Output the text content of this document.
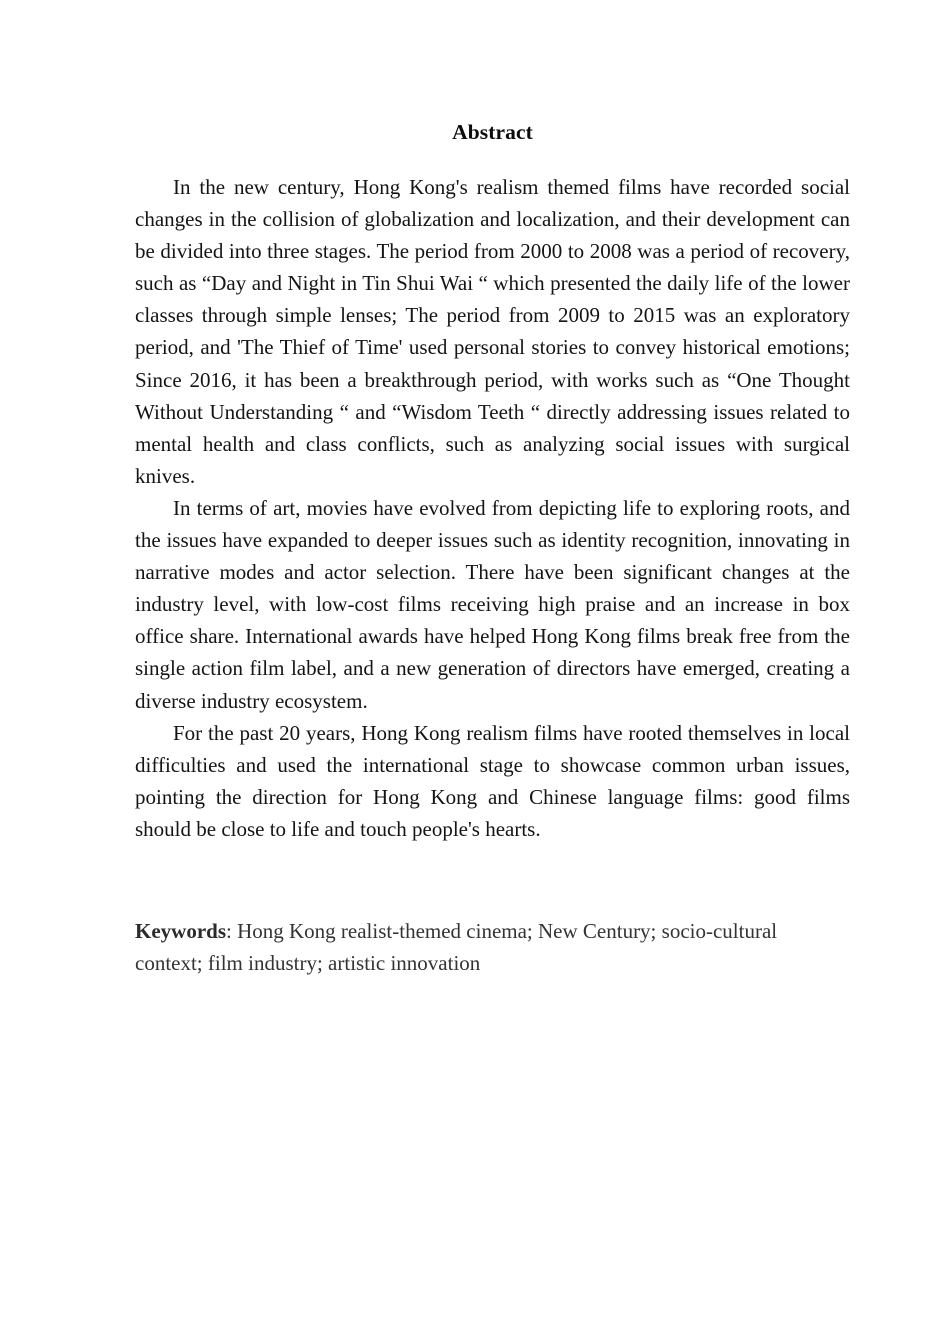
Abstract

In the new century, Hong Kong's realism themed films have recorded social changes in the collision of globalization and localization, and their development can be divided into three stages. The period from 2000 to 2008 was a period of recovery, such as “Day and Night in Tin Shui Wai “ which presented the daily life of the lower classes through simple lenses; The period from 2009 to 2015 was an exploratory period, and 'The Thief of Time' used personal stories to convey historical emotions; Since 2016, it has been a breakthrough period, with works such as “One Thought Without Understanding “ and “Wisdom Teeth “ directly addressing issues related to mental health and class conflicts, such as analyzing social issues with surgical knives.

In terms of art, movies have evolved from depicting life to exploring roots, and the issues have expanded to deeper issues such as identity recognition, innovating in narrative modes and actor selection. There have been significant changes at the industry level, with low-cost films receiving high praise and an increase in box office share. International awards have helped Hong Kong films break free from the single action film label, and a new generation of directors have emerged, creating a diverse industry ecosystem.

For the past 20 years, Hong Kong realism films have rooted themselves in local difficulties and used the international stage to showcase common urban issues, pointing the direction for Hong Kong and Chinese language films: good films should be close to life and touch people's hearts.

Keywords: Hong Kong realist-themed cinema; New Century; socio-cultural context; film industry; artistic innovation
